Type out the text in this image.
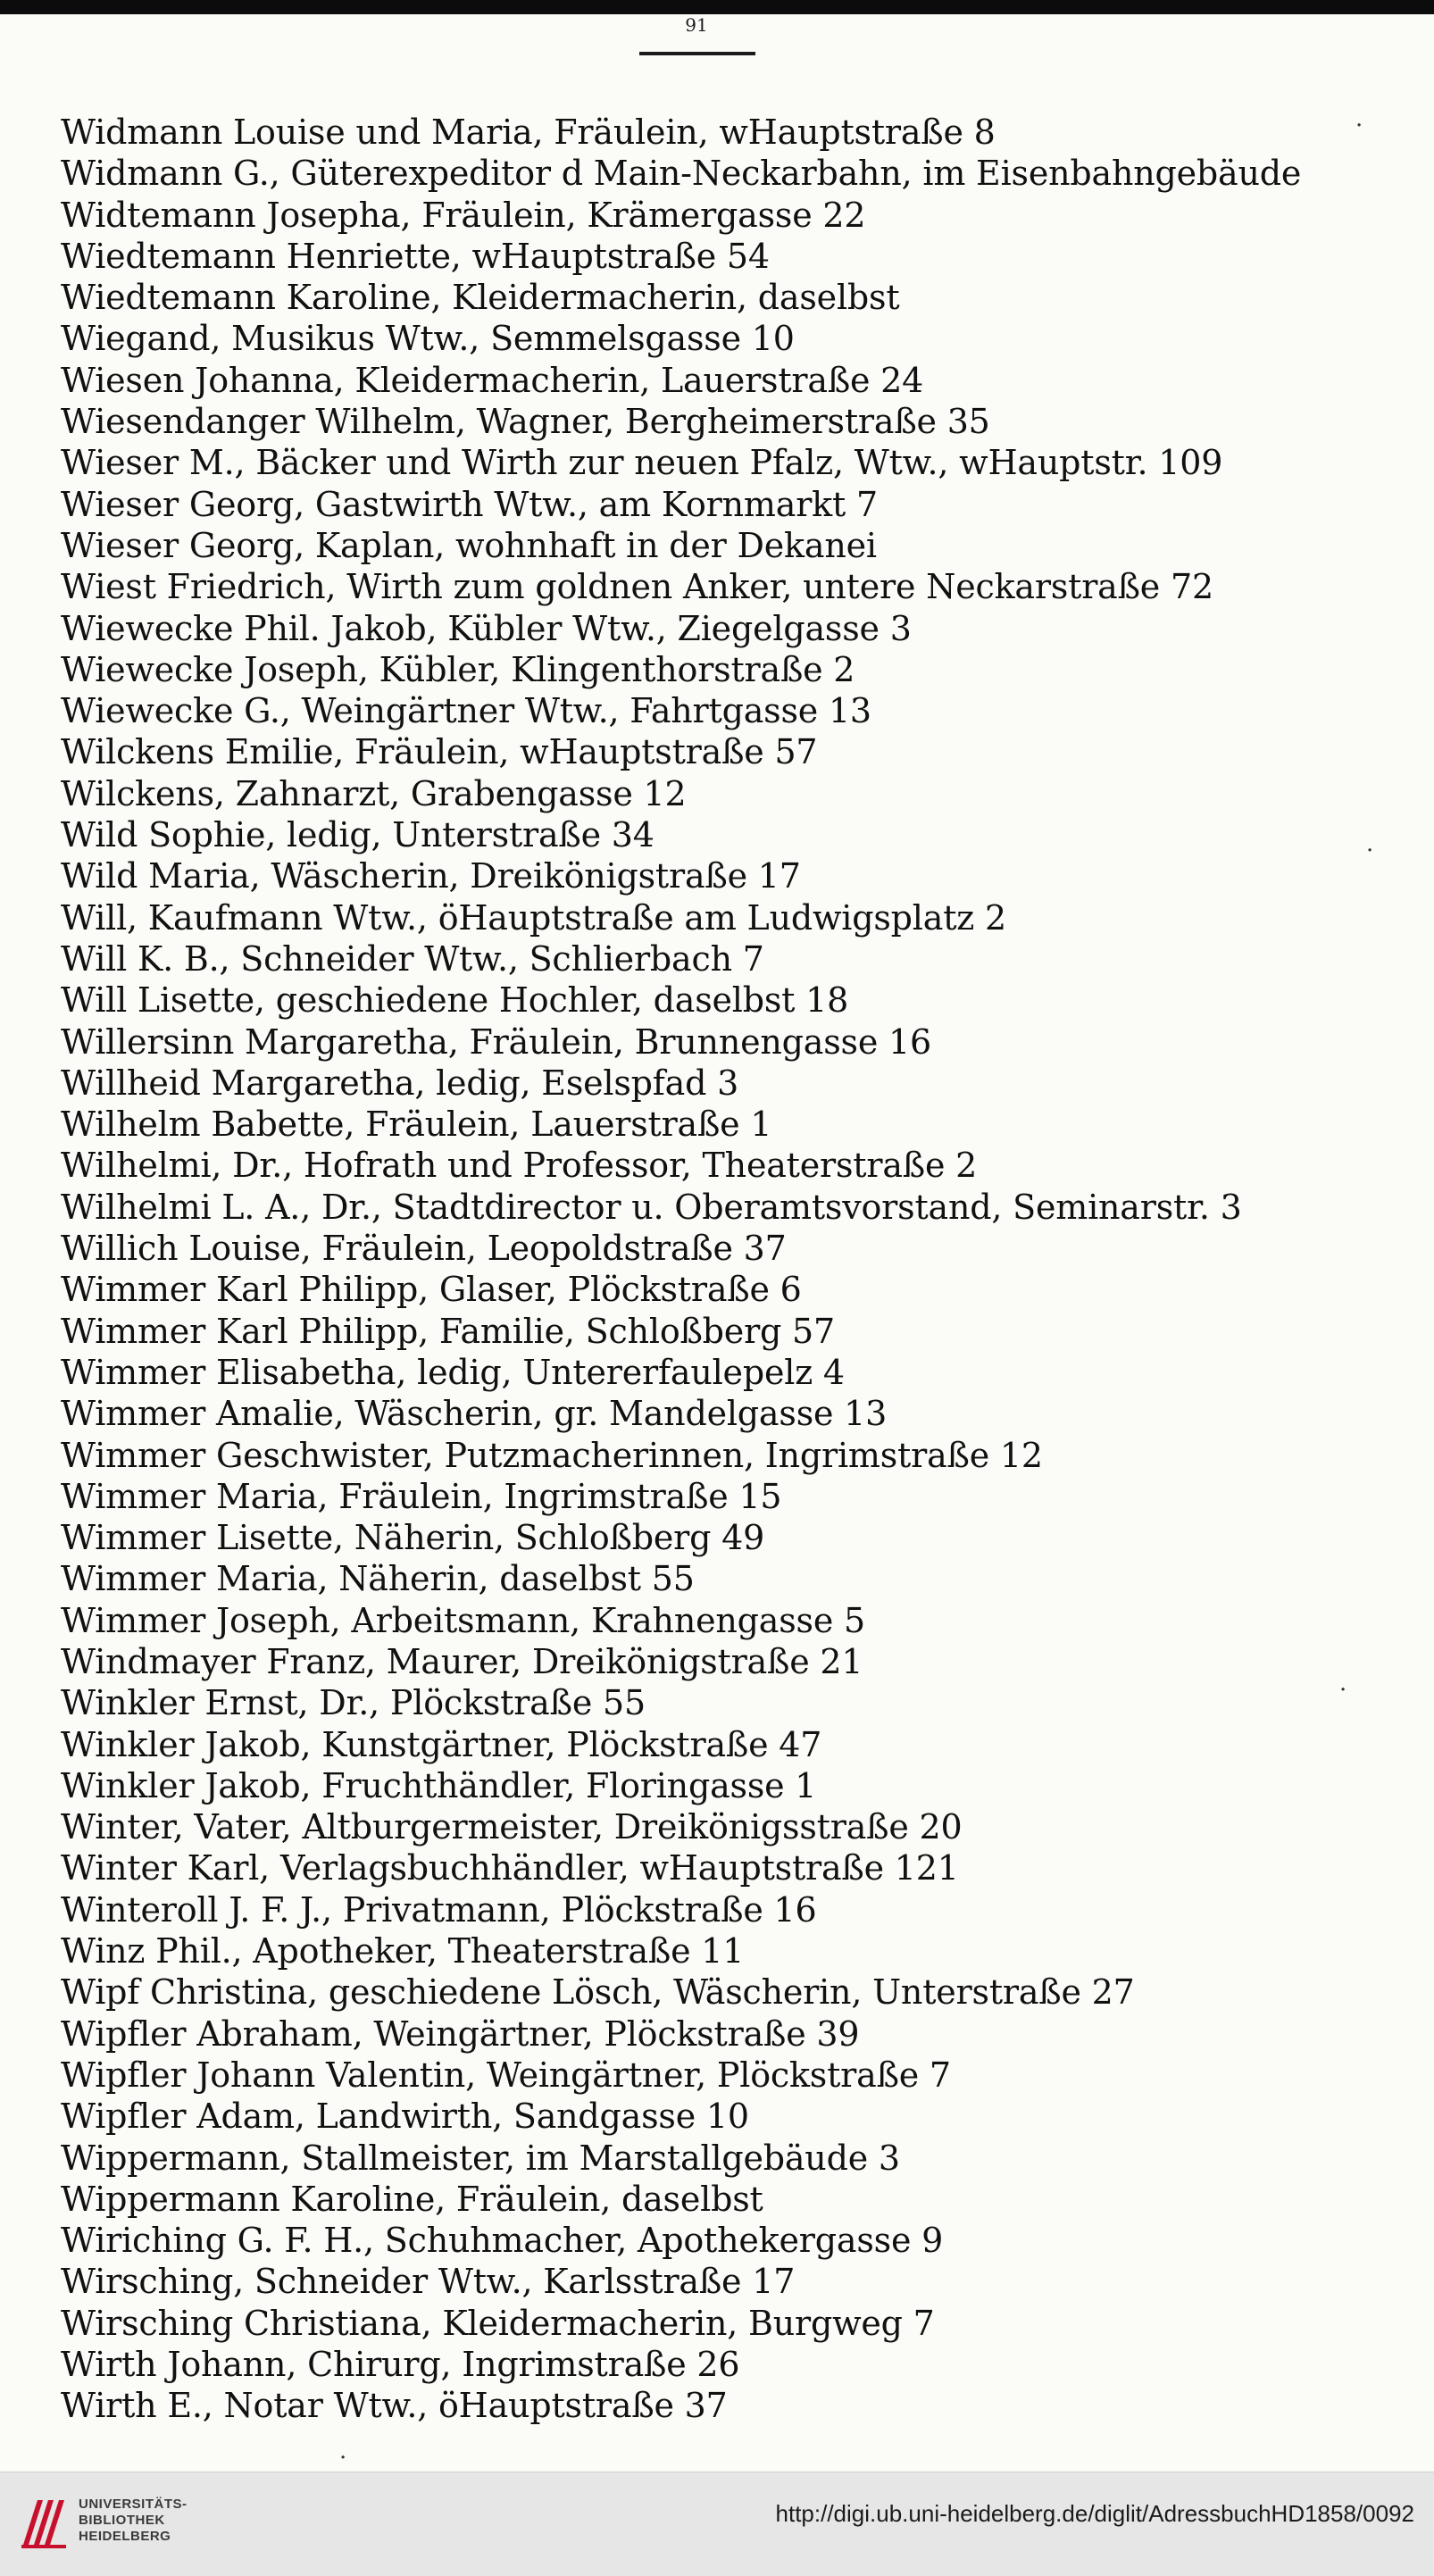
91
Widmann Louise und Maria, Fräulein, wHauptstraße 8
Widmann G., Güterexpeditor d Main-Neckarbahn, im Eisenbahngebäude
Widtemann Josepha, Fräulein, Krämergasse 22
Wiedtemann Henriette, wHauptstraße 54
Wiedtemann Karoline, Kleidermacherin, daselbst
Wiegand, Musikus Wtw., Semmelsgasse 10
Wiesen Johanna, Kleidermacherin, Lauerstraße 24
Wiesendanger Wilhelm, Wagner, Bergheimerstraße 35
Wieser M., Bäcker und Wirth zur neuen Pfalz, Wtw., wHauptstr. 109
Wieser Georg, Gastwirth Wtw., am Kornmarkt 7
Wieser Georg, Kaplan, wohnhaft in der Dekanei
Wiest Friedrich, Wirth zum goldnen Anker, untere Neckarstraße 72
Wiewecke Phil. Jakob, Kübler Wtw., Ziegelgasse 3
Wiewecke Joseph, Kübler, Klingenthorstraße 2
Wiewecke G., Weingärtner Wtw., Fahrtgasse 13
Wilckens Emilie, Fräulein, wHauptstraße 57
Wilckens, Zahnarzt, Grabengasse 12
Wild Sophie, ledig, Unterstraße 34
Wild Maria, Wäscherin, Dreikönigstraße 17
Will, Kaufmann Wtw., öHauptstraße am Ludwigsplatz 2
Will K. B., Schneider Wtw., Schlierbach 7
Will Lisette, geschiedene Hochler, daselbst 18
Willersinn Margaretha, Fräulein, Brunnengasse 16
Willheid Margaretha, ledig, Eselspfad 3
Wilhelm Babette, Fräulein, Lauerstraße 1
Wilhelmi, Dr., Hofrath und Professor, Theaterstraße 2
Wilhelmi L. A., Dr., Stadtdirector u. Oberamtsvorstand, Seminarstr. 3
Willich Louise, Fräulein, Leopoldstraße 37
Wimmer Karl Philipp, Glaser, Plöckstraße 6
Wimmer Karl Philipp, Familie, Schloßberg 57
Wimmer Elisabetha, ledig, Untererfaulepelz 4
Wimmer Amalie, Wäscherin, gr. Mandelgasse 13
Wimmer Geschwister, Putzmacherinnen, Ingrimstraße 12
Wimmer Maria, Fräulein, Ingrimstraße 15
Wimmer Lisette, Näherin, Schloßberg 49
Wimmer Maria, Näherin, daselbst 55
Wimmer Joseph, Arbeitsmann, Krahnengasse 5
Windmayer Franz, Maurer, Dreikönigstraße 21
Winkler Ernst, Dr., Plöckstraße 55
Winkler Jakob, Kunstgärtner, Plöckstraße 47
Winkler Jakob, Fruchthändler, Floringasse 1
Winter, Vater, Altburgermeister, Dreikönigsstraße 20
Winter Karl, Verlagsbuchhändler, wHauptstraße 121
Winteroll J. F. J., Privatmann, Plöckstraße 16
Winz Phil., Apotheker, Theaterstraße 11
Wipf Christina, geschiedene Lösch, Wäscherin, Unterstraße 27
Wipfler Abraham, Weingärtner, Plöckstraße 39
Wipfler Johann Valentin, Weingärtner, Plöckstraße 7
Wipfler Adam, Landwirth, Sandgasse 10
Wippermann, Stallmeister, im Marstallgebäude 3
Wippermann Karoline, Fräulein, daselbst
Wiriching G. F. H., Schuhmacher, Apothekergasse 9
Wirsching, Schneider Wtw., Karlsstraße 17
Wirsching Christiana, Kleidermacherin, Burgweg 7
Wirth Johann, Chirurg, Ingrimstraße 26
Wirth E., Notar Wtw., öHauptstraße 37
·
·
·
·
UNIVERSITÄTS-
BIBLIOTHEK
HEIDELBERG
http://digi.ub.uni-heidelberg.de/diglit/AdressbuchHD1858/0092
